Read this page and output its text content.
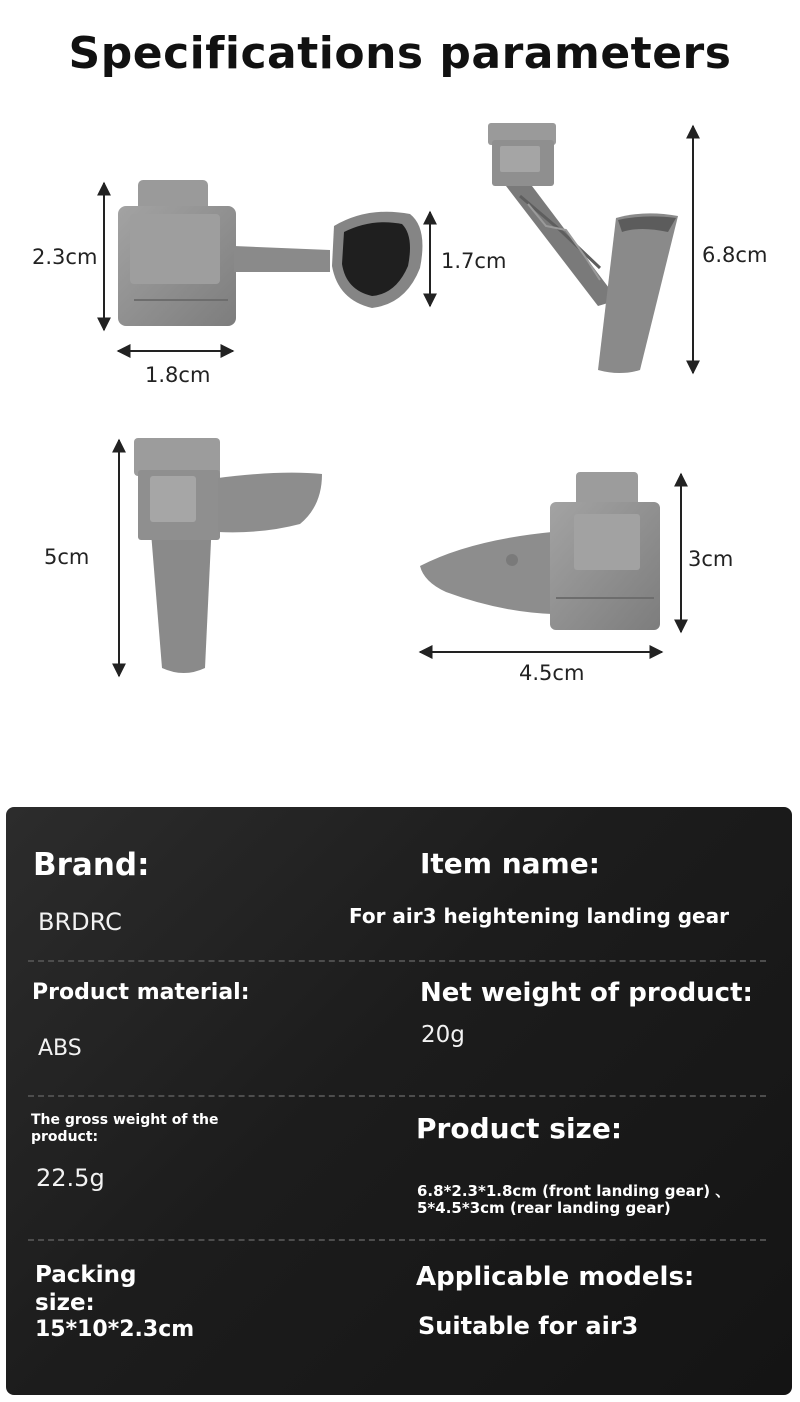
Specifications parameters
2.3cm
1.8cm
1.7cm	6.8cm
5cm	3cm
4.5cm
Brand:
BRDRC
Item name:
For air3 heightening landing gear
Product material:
ABS
Net weight of product:
20g
The gross weight of the
product:
22.5g
Product size:
6.8*2.3*1.8cm (front landing gear) 、
5*4.5*3cm (rear landing gear)
Packing
size:
15*10*2.3cm
Applicable models:
Suitable for air3
